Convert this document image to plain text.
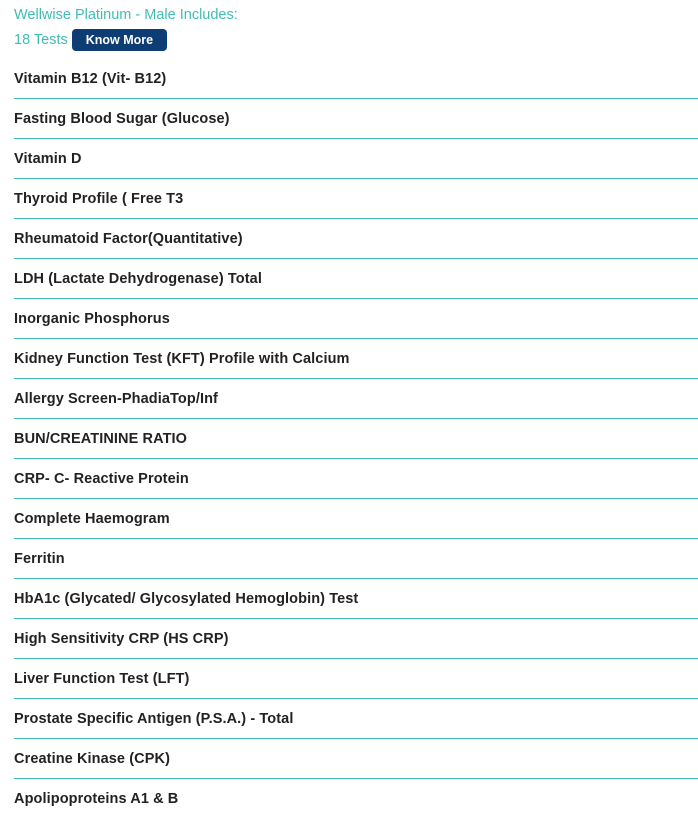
Wellwise Platinum - Male Includes:
18 Tests	Know More
Vitamin B12 (Vit- B12)
Fasting Blood Sugar (Glucose)
Vitamin D
Thyroid Profile ( Free T3
Rheumatoid Factor(Quantitative)
LDH (Lactate Dehydrogenase) Total
Inorganic Phosphorus
Kidney Function Test (KFT) Profile with Calcium
Allergy Screen-PhadiaTop/Inf
BUN/CREATININE RATIO
CRP- C- Reactive Protein
Complete Haemogram
Ferritin
HbA1c (Glycated/ Glycosylated Hemoglobin) Test
High Sensitivity CRP (HS CRP)
Liver Function Test (LFT)
Prostate Specific Antigen (P.S.A.) - Total
Creatine Kinase (CPK)
Apolipoproteins A1 & B
